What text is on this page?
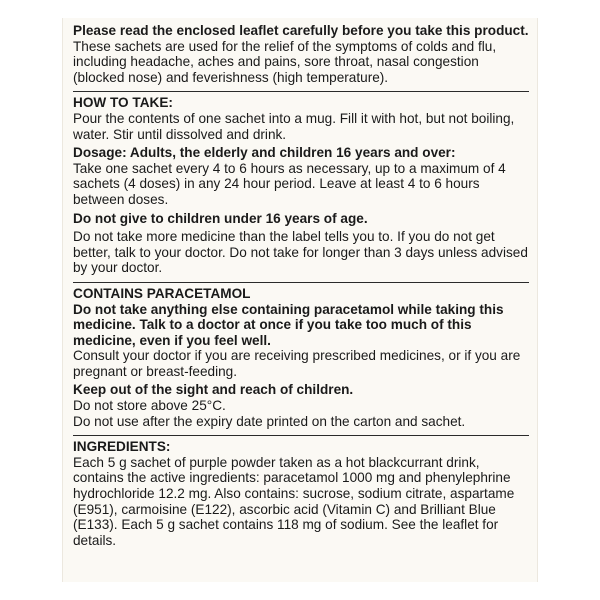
Please read the enclosed leaflet carefully before you take this product.

These sachets are used for the relief of the symptoms of colds and flu, including headache, aches and pains, sore throat, nasal congestion (blocked nose) and feverishness (high temperature).

HOW TO TAKE:

Pour the contents of one sachet into a mug. Fill it with hot, but not boiling, water. Stir until dissolved and drink.

Dosage: Adults, the elderly and children 16 years and over:

Take one sachet every 4 to 6 hours as necessary, up to a maximum of 4 sachets (4 doses) in any 24 hour period. Leave at least 4 to 6 hours between doses.

Do not give to children under 16 years of age.

Do not take more medicine than the label tells you to. If you do not get better, talk to your doctor. Do not take for longer than 3 days unless advised by your doctor.

CONTAINS PARACETAMOL

Do not take anything else containing paracetamol while taking this medicine. Talk to a doctor at once if you take too much of this medicine, even if you feel well.

Consult your doctor if you are receiving prescribed medicines, or if you are pregnant or breast-feeding.

Keep out of the sight and reach of children.

Do not store above 25°C.

Do not use after the expiry date printed on the carton and sachet.

INGREDIENTS:

Each 5 g sachet of purple powder taken as a hot blackcurrant drink, contains the active ingredients: paracetamol 1000 mg and phenylephrine hydrochloride 12.2 mg. Also contains: sucrose, sodium citrate, aspartame (E951), carmoisine (E122), ascorbic acid (Vitamin C) and Brilliant Blue (E133). Each 5 g sachet contains 118 mg of sodium. See the leaflet for details.
